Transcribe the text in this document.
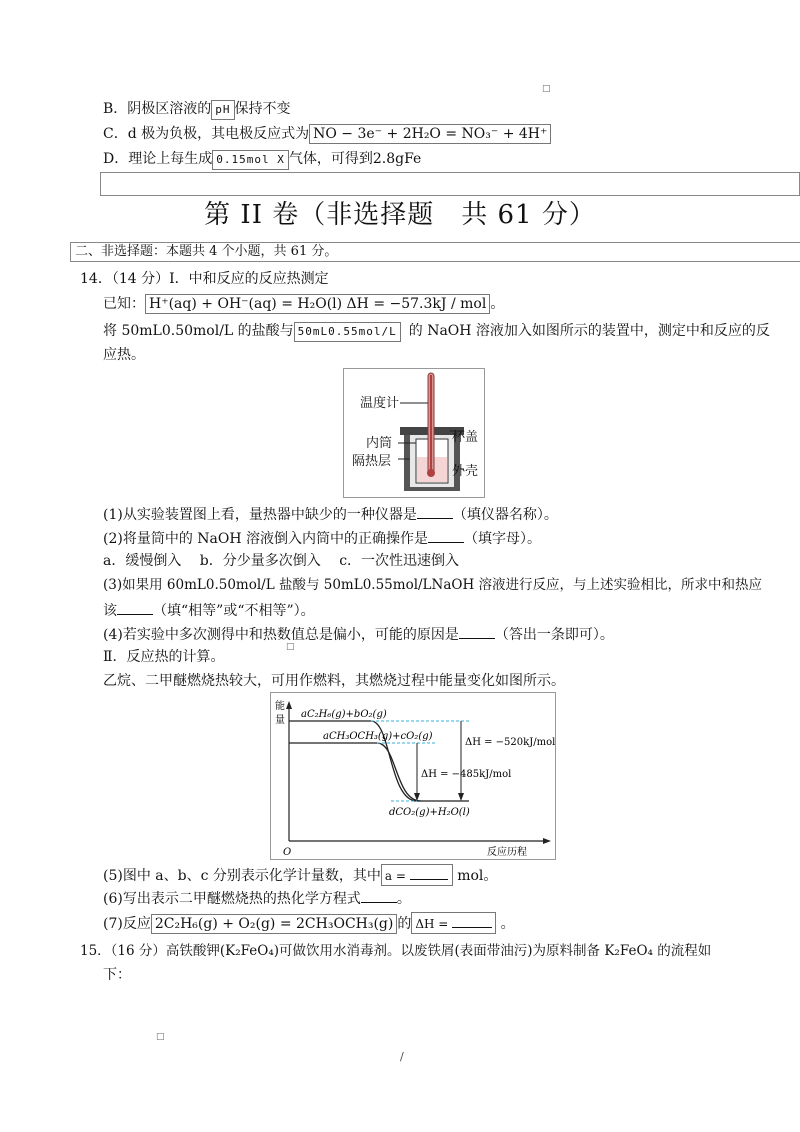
□
B．阴极区溶液的 pH 保持不变
C．d 极为负极，其电极反应式为 NO − 3e⁻ + 2H₂O = NO₃⁻ + 4H⁺
D．理论上每生成 0.15mol X 气体，可得到2.8gFe
第 II 卷（非选择题　共 61 分）
二、非选择题：本题共 4 个小题，共 61 分。
14．（14 分）Ⅰ．中和反应的反应热测定
已知： H⁺(aq) + OH⁻(aq) = H₂O(l) ΔH = −57.3kJ / mol 。
将 50mL0.50mol/L 的盐酸与 50mL0.55mol/L 的 NaOH 溶液加入如图所示的装置中，测定中和反应的反
应热。
温度计
内筒
隔热层
杯盖
外壳
(1)从实验装置图上看，量热器中缺少的一种仪器是	（填仪器名称）。
(2)将量筒中的 NaOH 溶液倒入内筒中的正确操作是	（填字母）。
a．缓慢倒入　 b．分少量多次倒入　 c．一次性迅速倒入
(3)如果用 60mL0.50mol/L 盐酸与 50mL0.55mol/LNaOH 溶液进行反应，与上述实验相比，所求中和热应
该	（填“相等”或“不相等”）。
(4)若实验中多次测得中和热数值总是偏小，可能的原因是	（答出一条即可）。
□
Ⅱ．反应热的计算。
乙烷、二甲醚燃烧热较大，可用作燃料，其燃烧过程中能量变化如图所示。
能
量
O	反应历程
aC₂H₆(g)+bO₂(g)
aCH₃OCH₃(g)+cO₂(g)
dCO₂(g)+H₂O(l)
ΔH = −520kJ/mol
ΔH = −485kJ/mol
(5)图中 a、b、c 分别表示化学计量数，其中 a =	mol。
(6)写出表示二甲醚燃烧热的热化学方程式	。
(7)反应 2C₂H₆(g) + O₂(g) = 2CH₃OCH₃(g) 的 ΔH =	。
15．（16 分）高铁酸钾(K₂FeO₄)可做饮用水消毒剂。以废铁屑(表面带油污)为原料制备 K₂FeO₄ 的流程如
下：
□
/
